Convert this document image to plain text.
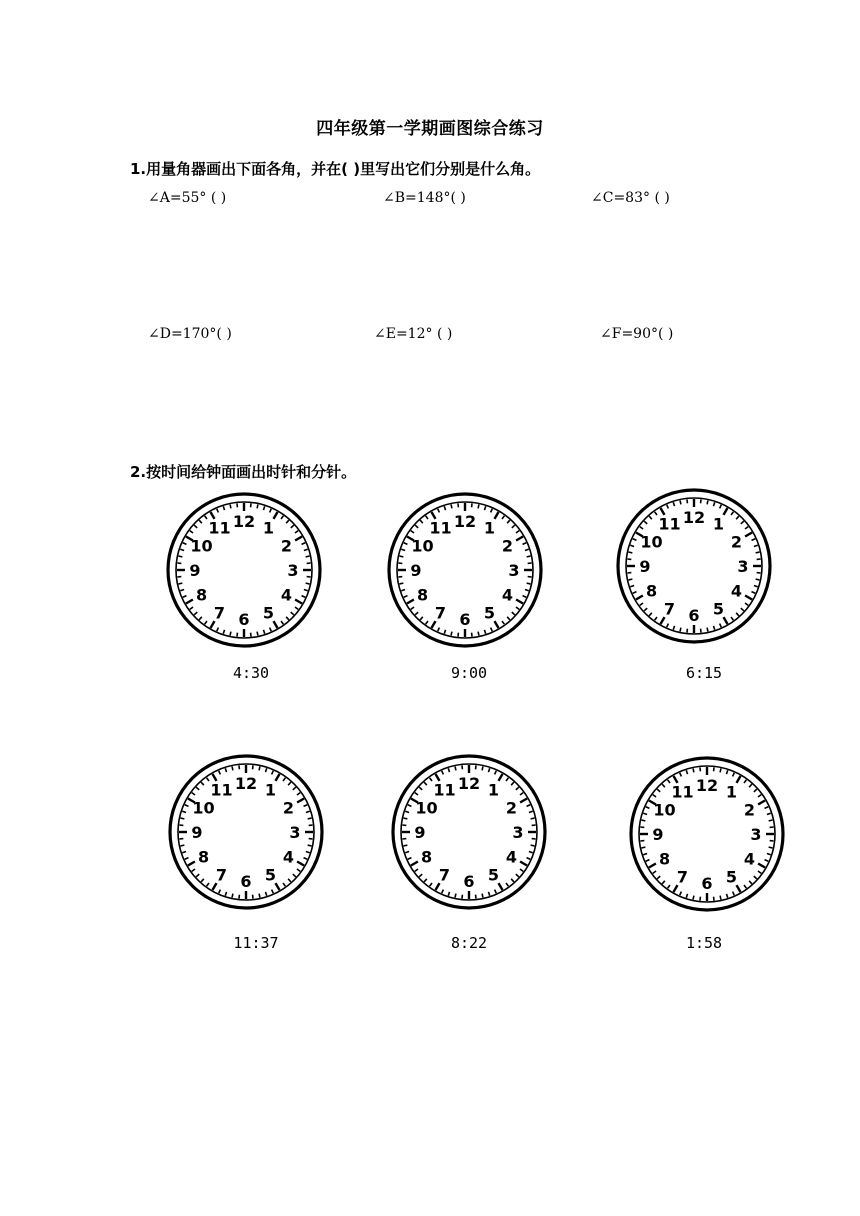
四年级第一学期画图综合练习
1.用量角器画出下面各角，并在( )里写出它们分别是什么角。
∠A=55° ( )	∠B=148°( )	∠C=83° ( )
∠D=170°( )	∠E=12° ( )	∠F=90°( )
2.按时间给钟面画出时针和分针。
12 1
2
3
4
5
6
7
8
9
10
11	12 1
2
3
4
5
6
7
8
9
10
11
12 1
2
3
4
5
6
7
8
9
10
11
4:30	9:00	6:15
12 1
2
3
4
5
6
7
8
9
10
11	12 1
2
3
4
5
6
7
8
9
10
11	12 1
2
3
4
5
6
7
8
9
10
11
11:37	8:22	1:58
